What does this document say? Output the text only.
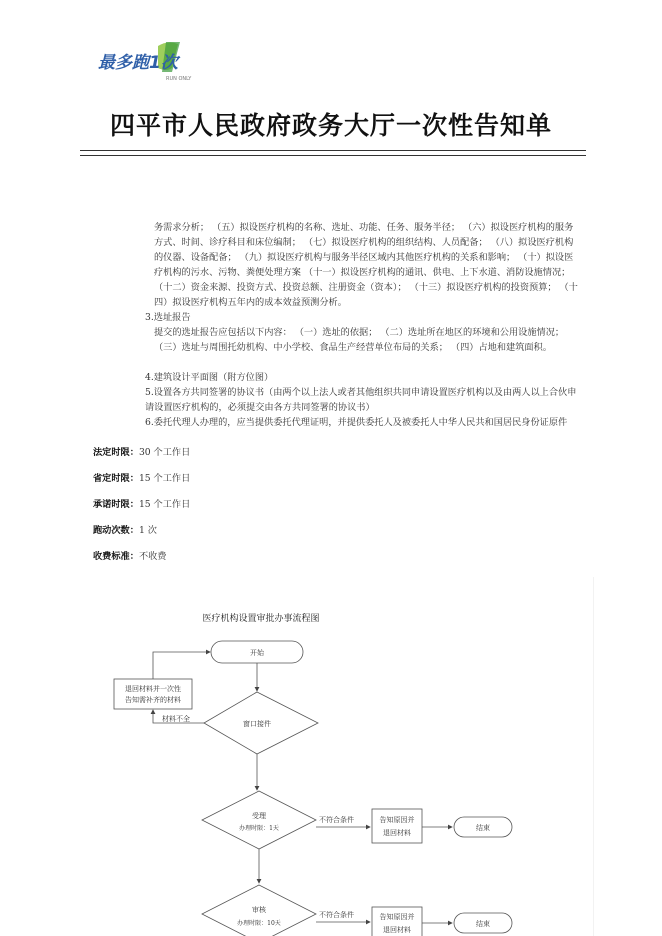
最多跑1次
RUN ONLY
四平市人民政府政务大厅一次性告知单
务需求分析； （五）拟设医疗机构的名称、选址、功能、任务、服务半径； （六）拟设医疗机构的服务方式、时间、诊疗科目和床位编制； （七）拟设医疗机构的组织结构、人员配备； （八）拟设医疗机构的仪器、设备配备； （九）拟设医疗机构与服务半径区域内其他医疗机构的关系和影响； （十）拟设医疗机构的污水、污物、粪便处理方案 （十一）拟设医疗机构的通讯、供电、上下水道、消防设施情况； （十二）资金来源、投资方式、投资总额、注册资金（资本）； （十三）拟设医疗机构的投资预算； （十四）拟设医疗机构五年内的成本效益预测分析。
3.选址报告
提交的选址报告应包括以下内容： （一）选址的依据； （二）选址所在地区的环境和公用设施情况； （三）选址与周围托幼机构、中小学校、食品生产经营单位布局的关系； （四）占地和建筑面积。
4.建筑设计平面图（附方位图）
5.设置各方共同签署的协议书（由两个以上法人或者其他组织共同申请设置医疗机构以及由两人以上合伙申请设置医疗机构的，必须提交由各方共同签署的协议书）
6.委托代理人办理的，应当提供委托代理证明，并提供委托人及被委托人中华人民共和国居民身份证原件
法定时限：30 个工作日
省定时限：15 个工作日
承诺时限：15 个工作日
跑动次数：1 次
收费标准：不收费
医疗机构设置审批办事流程图
开始
窗口接件
退回材料并一次性
告知需补齐的材料
材料不全
受理
办理时限：1天
不符合条件	告知原因并
退回材料
结束
审核
办理时限：10天
不符合条件	告知原因并
退回材料
结束
